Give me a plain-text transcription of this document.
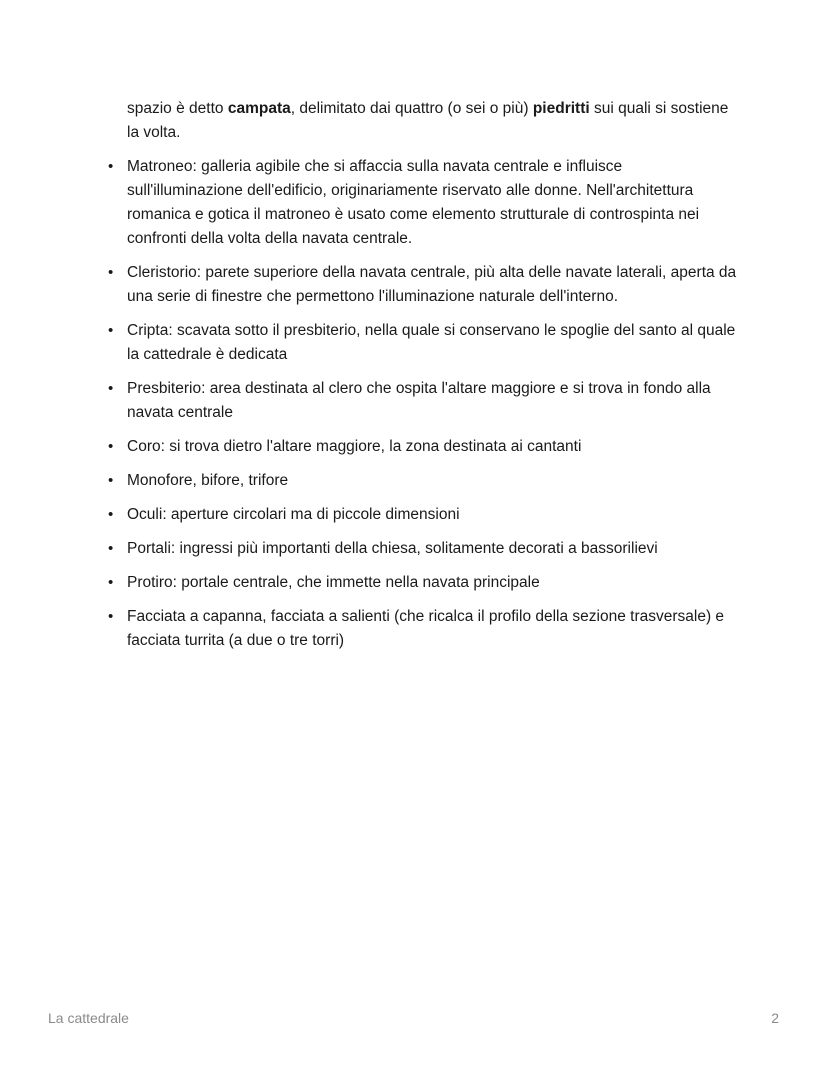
spazio è detto campata, delimitato dai quattro (o sei o più) piedritti sui quali si sostiene la volta.

• Matroneo: galleria agibile che si affaccia sulla navata centrale e influisce sull'illuminazione dell'edificio, originariamente riservato alle donne. Nell'architettura romanica e gotica il matroneo è usato come elemento strutturale di controspinta nei confronti della volta della navata centrale.
• Cleristorio: parete superiore della navata centrale, più alta delle navate laterali, aperta da una serie di finestre che permettono l'illuminazione naturale dell'interno.
• Cripta: scavata sotto il presbiterio, nella quale si conservano le spoglie del santo al quale la cattedrale è dedicata
• Presbiterio: area destinata al clero che ospita l'altare maggiore e si trova in fondo alla navata centrale
• Coro: si trova dietro l'altare maggiore, la zona destinata ai cantanti
• Monofore, bifore, trifore
• Oculi: aperture circolari ma di piccole dimensioni
• Portali: ingressi più importanti della chiesa, solitamente decorati a bassorilievi
• Protiro: portale centrale, che immette nella navata principale
• Facciata a capanna, facciata a salienti (che ricalca il profilo della sezione trasversale) e facciata turrita (a due o tre torri)
La cattedrale	2
